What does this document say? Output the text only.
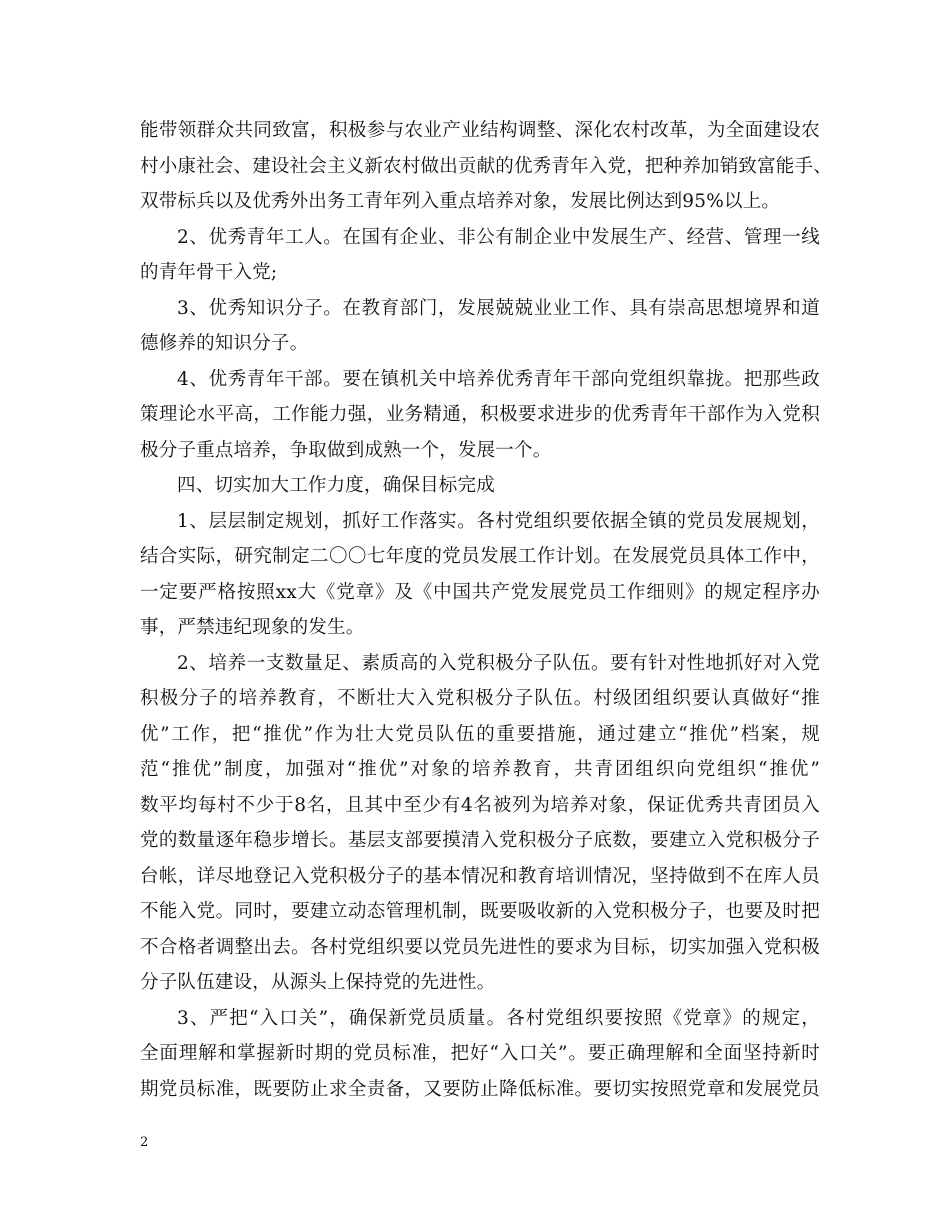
能带领群众共同致富，积极参与农业产业结构调整、深化农村改革，为全面建设农
村小康社会、建设社会主义新农村做出贡献的优秀青年入党，把种养加销致富能手、
双带标兵以及优秀外出务工青年列入重点培养对象，发展比例达到95%以上。
2、优秀青年工人。在国有企业、非公有制企业中发展生产、经营、管理一线
的青年骨干入党;
3、优秀知识分子。在教育部门，发展兢兢业业工作、具有崇高思想境界和道
德修养的知识分子。
4、优秀青年干部。要在镇机关中培养优秀青年干部向党组织靠拢。把那些政
策理论水平高，工作能力强，业务精通，积极要求进步的优秀青年干部作为入党积
极分子重点培养，争取做到成熟一个，发展一个。
四、切实加大工作力度，确保目标完成
1、层层制定规划，抓好工作落实。各村党组织要依据全镇的党员发展规划，
结合实际，研究制定二〇〇七年度的党员发展工作计划。在发展党员具体工作中，
一定要严格按照xx大《党章》及《中国共产党发展党员工作细则》的规定程序办
事，严禁违纪现象的发生。
2、培养一支数量足、素质高的入党积极分子队伍。要有针对性地抓好对入党
积极分子的培养教育，不断壮大入党积极分子队伍。村级团组织要认真做好“推
优”工作，把“推优”作为壮大党员队伍的重要措施，通过建立“推优”档案，规
范“推优”制度，加强对“推优”对象的培养教育，共青团组织向党组织“推优”
数平均每村不少于8名，且其中至少有4名被列为培养对象，保证优秀共青团员入
党的数量逐年稳步增长。基层支部要摸清入党积极分子底数，要建立入党积极分子
台帐，详尽地登记入党积极分子的基本情况和教育培训情况，坚持做到不在库人员
不能入党。同时，要建立动态管理机制，既要吸收新的入党积极分子，也要及时把
不合格者调整出去。各村党组织要以党员先进性的要求为目标，切实加强入党积极
分子队伍建设，从源头上保持党的先进性。
3、严把“入口关”，确保新党员质量。各村党组织要按照《党章》的规定，
全面理解和掌握新时期的党员标准，把好“入口关”。要正确理解和全面坚持新时
期党员标准，既要防止求全责备，又要防止降低标准。要切实按照党章和发展党员
2
